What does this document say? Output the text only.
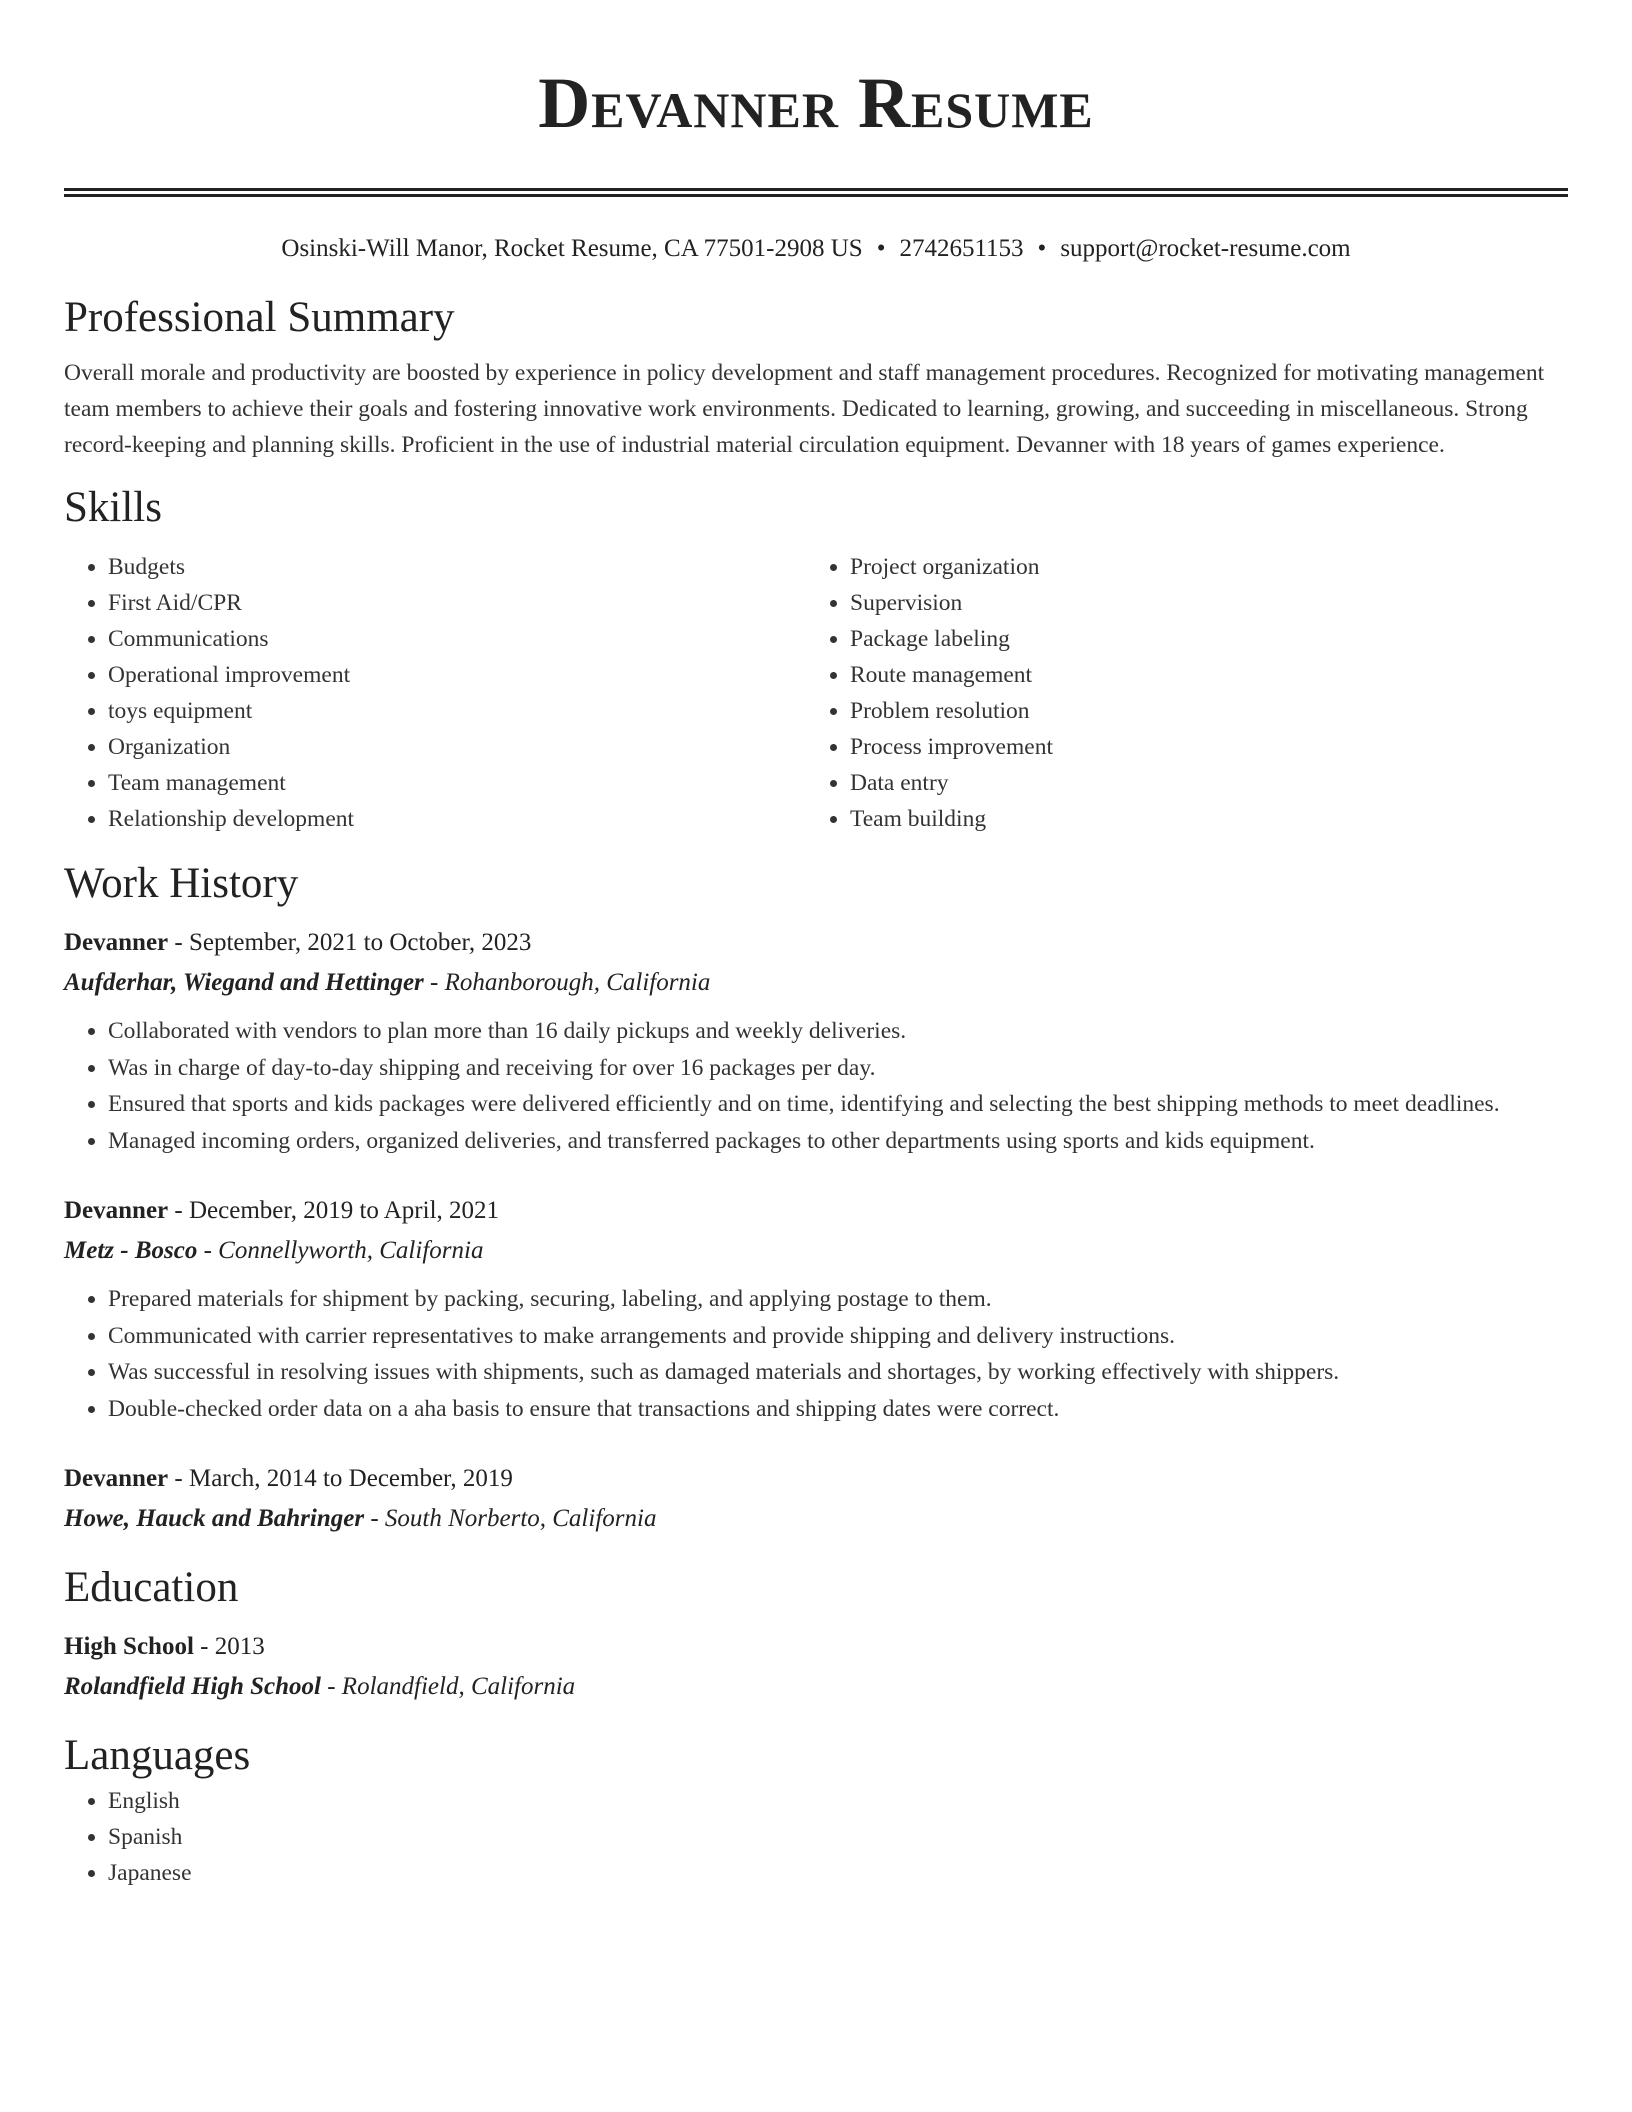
Devanner Resume
Osinski-Will Manor, Rocket Resume, CA 77501-2908 US • 2742651153 • support@rocket-resume.com
Professional Summary

Overall morale and productivity are boosted by experience in policy development and staff management procedures. Recognized for motivating management team members to achieve their goals and fostering innovative work environments. Dedicated to learning, growing, and succeeding in miscellaneous. Strong record-keeping and planning skills. Proficient in the use of industrial material circulation equipment. Devanner with 18 years of games experience.

Skills
• Budgets
• First Aid/CPR
• Communications
• Operational improvement
• toys equipment
• Organization
• Team management
• Relationship development
• Project organization
• Supervision
• Package labeling
• Route management
• Problem resolution
• Process improvement
• Data entry
• Team building
Work History
Devanner - September, 2021 to October, 2023
Aufderhar, Wiegand and Hettinger - Rohanborough, California
• Collaborated with vendors to plan more than 16 daily pickups and weekly deliveries.
• Was in charge of day-to-day shipping and receiving for over 16 packages per day.
• Ensured that sports and kids packages were delivered efficiently and on time, identifying and selecting the best shipping methods to meet deadlines.
• Managed incoming orders, organized deliveries, and transferred packages to other departments using sports and kids equipment.
Devanner - December, 2019 to April, 2021
Metz - Bosco - Connellyworth, California
• Prepared materials for shipment by packing, securing, labeling, and applying postage to them.
• Communicated with carrier representatives to make arrangements and provide shipping and delivery instructions.
• Was successful in resolving issues with shipments, such as damaged materials and shortages, by working effectively with shippers.
• Double-checked order data on a aha basis to ensure that transactions and shipping dates were correct.
Devanner - March, 2014 to December, 2019
Howe, Hauck and Bahringer - South Norberto, California
Education
High School - 2013
Rolandfield High School - Rolandfield, California
Languages
• English
• Spanish
• Japanese
